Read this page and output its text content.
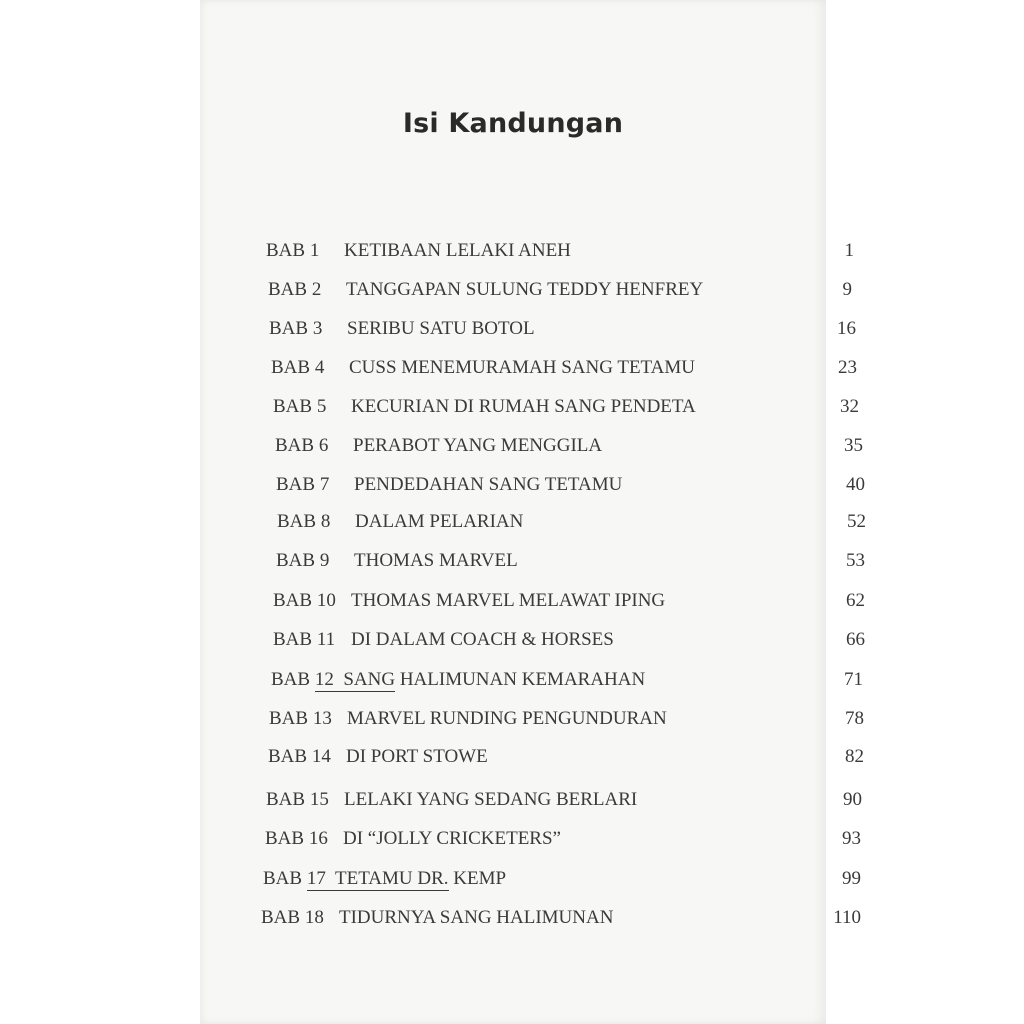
Isi Kandungan
BAB 1 KETIBAAN LELAKI ANEH	1
BAB 2 TANGGAPAN SULUNG TEDDY HENFREY	9
BAB 3 SERIBU SATU BOTOL	16
BAB 4 CUSS MENEMURAMAH SANG TETAMU	23
BAB 5 KECURIAN DI RUMAH SANG PENDETA	32
BAB 6 PERABOT YANG MENGGILA	35
BAB 7 PENDEDAHAN SANG TETAMU	40
BAB 8 DALAM PELARIAN	52
BAB 9 THOMAS MARVEL	53
BAB 10 THOMAS MARVEL MELAWAT IPING	62
BAB 11 DI DALAM COACH & HORSES	66
BAB 12  SANG HALIMUNAN KEMARAHAN	71
BAB 13 MARVEL RUNDING PENGUNDURAN	78
BAB 14 DI PORT STOWE	82
BAB 15 LELAKI YANG SEDANG BERLARI	90
BAB 16 DI “JOLLY CRICKETERS”	93
BAB 17  TETAMU DR. KEMP	99
BAB 18 TIDURNYA SANG HALIMUNAN	110
